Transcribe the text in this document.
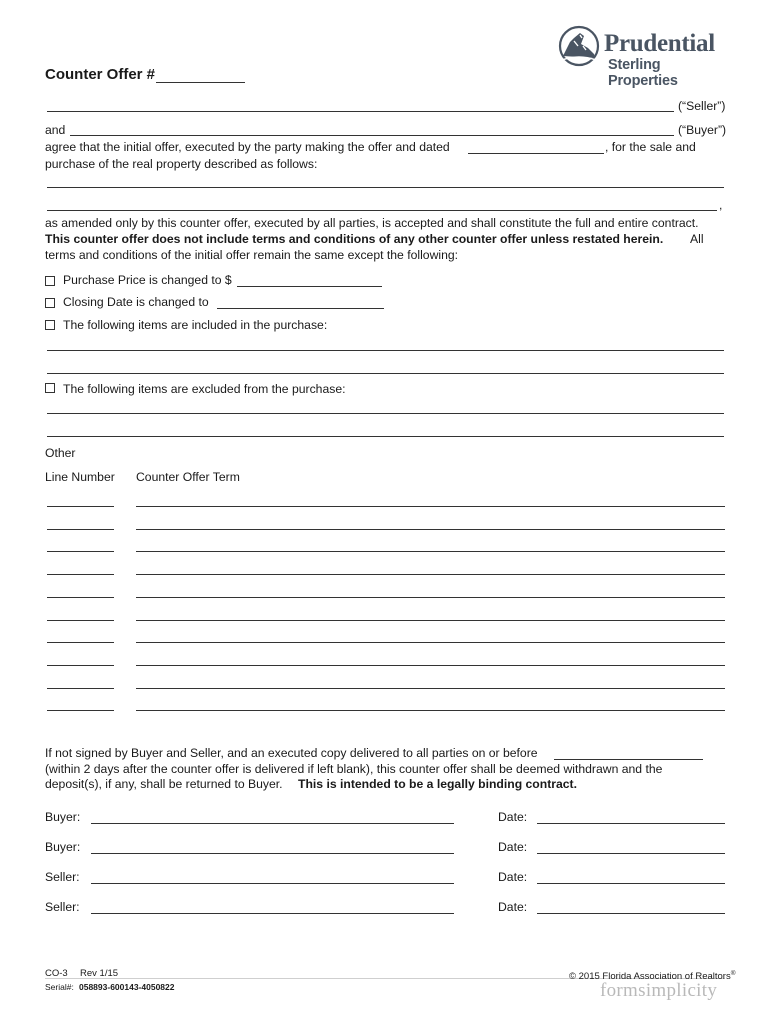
Prudential
Sterling Properties
Counter Offer #
(“Seller”)
and	(“Buyer”)
agree that the initial offer, executed by the party making the offer and dated	, for the sale and
purchase of the real property described as follows:
,
as amended only by this counter offer, executed by all parties, is accepted and shall constitute the full and entire contract.
This counter offer does not include terms and conditions of any other counter offer unless restated herein. All
terms and conditions of the initial offer remain the same except the following:
Purchase Price is changed to $
Closing Date is changed to
The following items are included in the purchase:
The following items are excluded from the purchase:
Other
Line Number Counter Offer Term
If not signed by Buyer and Seller, and an executed copy delivered to all parties on or before
(within 2 days after the counter offer is delivered if left blank), this counter offer shall be deemed withdrawn and the
deposit(s), if any, shall be returned to Buyer. This is intended to be a legally binding contract.
Buyer:	Date:
Buyer:	Date:
Seller:	Date:
Seller:	Date:
CO-3 Rev 1/15
Serial#: 058893-600143-4050822
© 2015 Florida Association of Realtors®
formsimplicity
